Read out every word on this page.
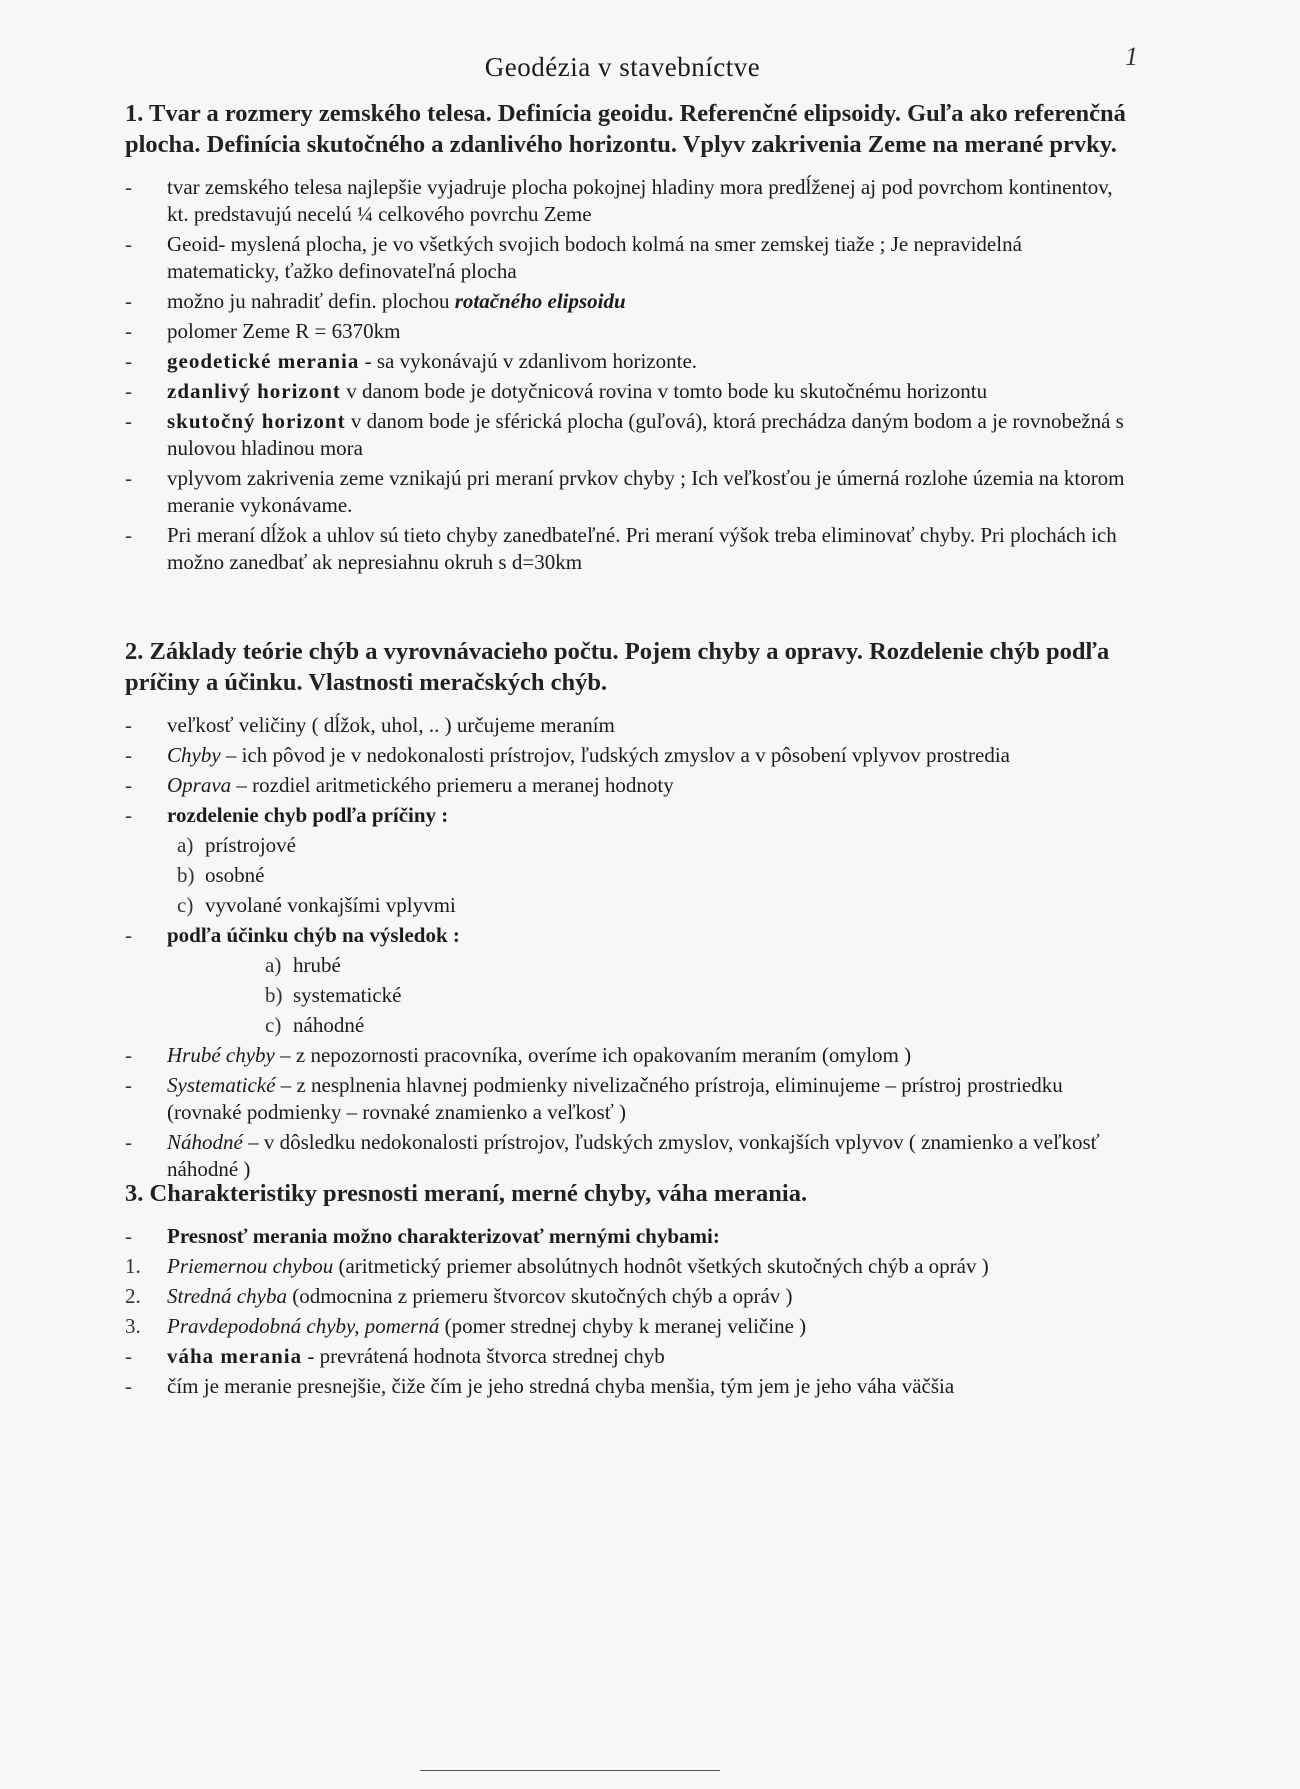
1
Geodézia v stavebníctve
1. Tvar a rozmery zemského telesa. Definícia geoidu. Referenčné elipsoidy. Guľa ako referenčná plocha. Definícia skutočného a zdanlivého horizontu. Vplyv zakrivenia Zeme na merané prvky.
-	tvar zemského telesa najlepšie vyjadruje plocha pokojnej hladiny mora predĺženej aj pod povrchom kontinentov, kt. predstavujú necelú ¼ celkového povrchu Zeme
-	Geoid- myslená plocha, je vo všetkých svojich bodoch kolmá na smer zemskej tiaže ; Je nepravidelná matematicky, ťažko definovateľná plocha
-	možno ju nahradiť defin. plochou rotačného elipsoidu
-	polomer Zeme R = 6370km
-	geodetické merania - sa vykonávajú v zdanlivom horizonte.
-	zdanlivý horizont v danom bode je dotyčnicová rovina v tomto bode ku skutočnému horizontu
-	skutočný horizont v danom bode je sférická plocha (guľová), ktorá prechádza daným bodom a je rovnobežná s nulovou hladinou mora
-	vplyvom zakrivenia zeme vznikajú pri meraní prvkov chyby ; Ich veľkosťou je úmerná rozlohe územia na ktorom meranie vykonávame.
-	Pri meraní dĺžok a uhlov sú tieto chyby zanedbateľné. Pri meraní výšok treba eliminovať chyby. Pri plochách ich možno zanedbať ak nepresiahnu okruh s d=30km
2. Základy teórie chýb a vyrovnávacieho počtu. Pojem chyby a opravy. Rozdelenie chýb podľa príčiny a účinku. Vlastnosti meračských chýb.
-	veľkosť veličiny ( dĺžok, uhol, .. ) určujeme meraním
-	Chyby – ich pôvod je v nedokonalosti prístrojov, ľudských zmyslov a v pôsobení vplyvov prostredia
-	Oprava – rozdiel aritmetického priemeru a meranej hodnoty
-	rozdelenie chyb podľa príčiny :
a) prístrojové
b) osobné
c) vyvolané vonkajšími vplyvmi
-	podľa účinku chýb na výsledok :
a) hrubé
b) systematické
c) náhodné
-	Hrubé chyby – z nepozornosti pracovníka, overíme ich opakovaním meraním (omylom )
-	Systematické – z nesplnenia hlavnej podmienky nivelizačného prístroja, eliminujeme – prístroj prostriedku (rovnaké podmienky – rovnaké znamienko a veľkosť )
-	Náhodné – v dôsledku nedokonalosti prístrojov, ľudských zmyslov, vonkajších vplyvov ( znamienko a veľkosť náhodné )
3. Charakteristiky presnosti meraní, merné chyby, váha merania.
-	Presnosť merania možno charakterizovať mernými chybami:
1.	Priemernou chybou (aritmetický priemer absolútnych hodnôt všetkých skutočných chýb a opráv )
2.	Stredná chyba (odmocnina z priemeru štvorcov skutočných chýb a opráv )
3.	Pravdepodobná chyby, pomerná (pomer strednej chyby k meranej veličine )
-	váha merania - prevrátená hodnota štvorca strednej chyb
-	čím je meranie presnejšie, čiže čím je jeho stredná chyba menšia, tým jem je jeho váha väčšia
